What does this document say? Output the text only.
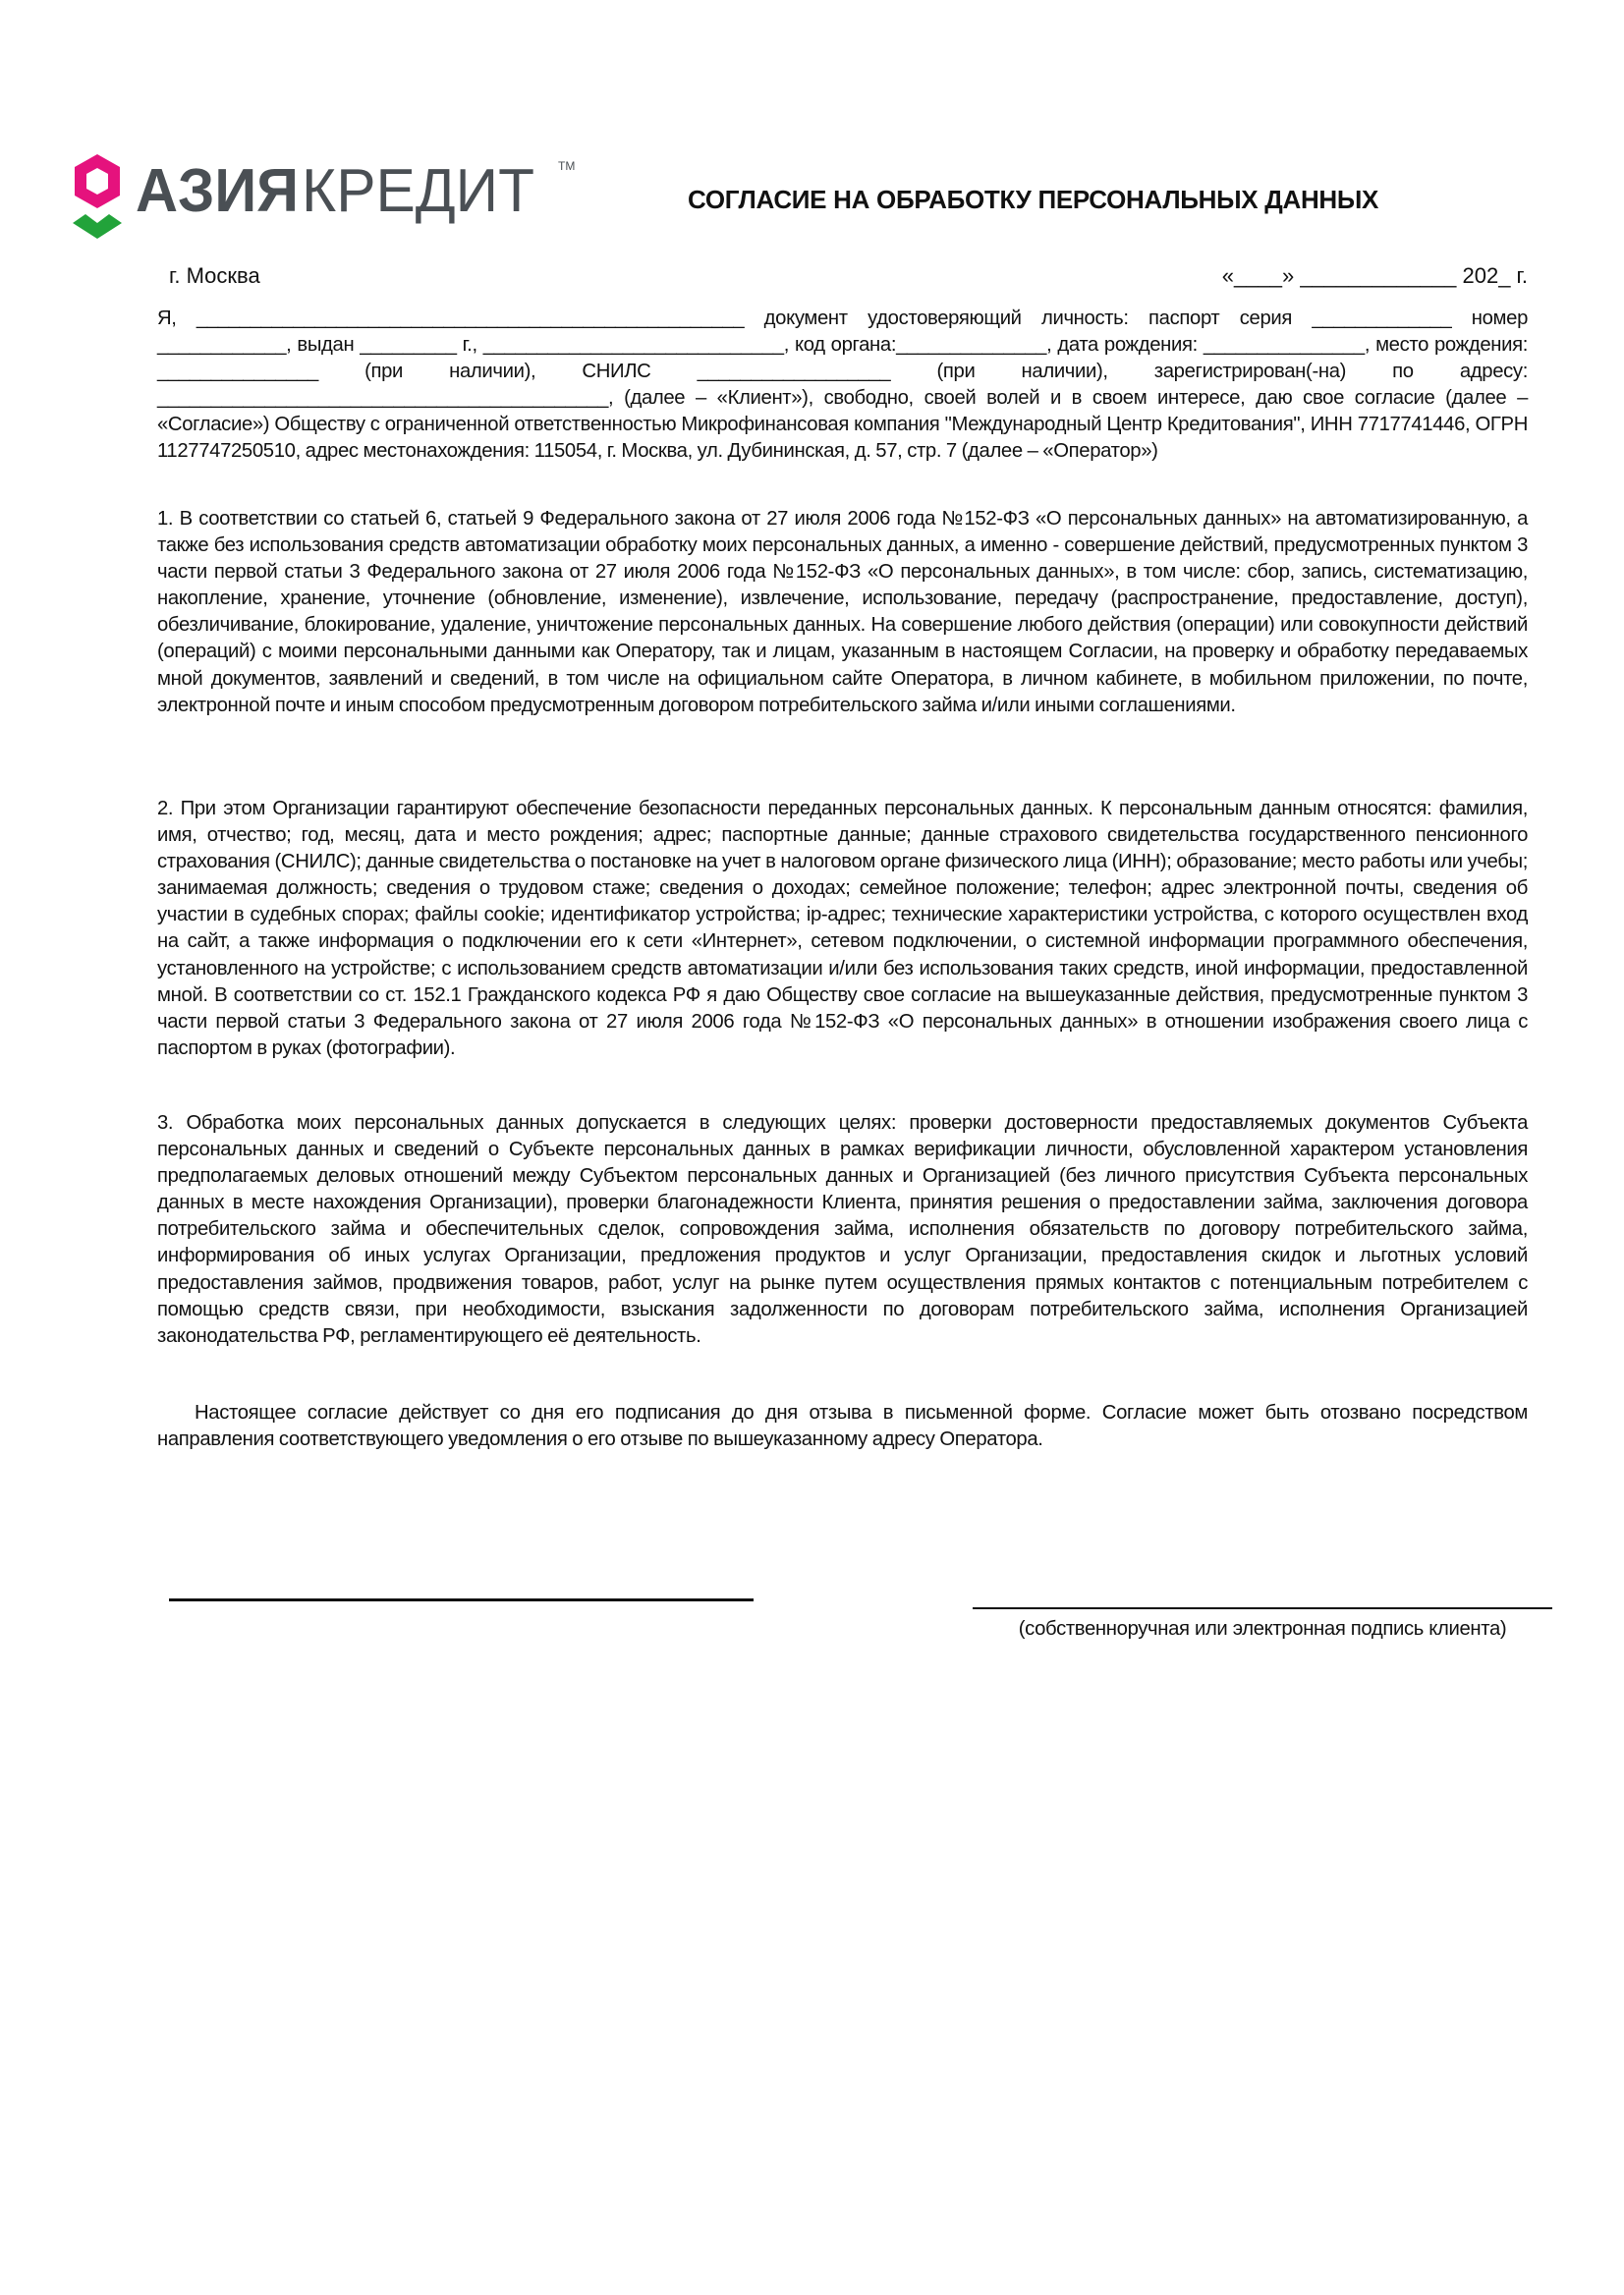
АЗИЯ КРЕДИТ TM
СОГЛАСИЕ НА ОБРАБОТКУ ПЕРСОНАЛЬНЫХ ДАННЫХ
г. Москва	«____» _____________ 202_ г.
Я, ___________________________________________________ документ удостоверяющий личность: паспорт серия _____________ номер ____________, выдан _________ г., ____________________________, код органа:______________, дата рождения: _______________, место рождения: _______________ (при наличии), СНИЛС __________________ (при наличии), зарегистрирован(-на) по адресу: __________________________________________, (далее – «Клиент»), свободно, своей волей и в своем интересе, даю свое согласие (далее – «Согласие») Обществу с ограниченной ответственностью Микрофинансовая компания "Международный Центр Кредитования", ИНН 7717741446, ОГРН 1127747250510, адрес местонахождения: 115054, г. Москва, ул. Дубининская, д. 57, стр. 7 (далее – «Оператор»)
1. В соответствии со статьей 6, статьей 9 Федерального закона от 27 июля 2006 года №152-ФЗ «О персональных данных» на автоматизированную, а также без использования средств автоматизации обработку моих персональных данных, а именно - совершение действий, предусмотренных пунктом 3 части первой статьи 3 Федерального закона от 27 июля 2006 года №152-ФЗ «О персональных данных», в том числе: сбор, запись, систематизацию, накопление, хранение, уточнение (обновление, изменение), извлечение, использование, передачу (распространение, предоставление, доступ), обезличивание, блокирование, удаление, уничтожение персональных данных. На совершение любого действия (операции) или совокупности действий (операций) с моими персональными данными как Оператору, так и лицам, указанным в настоящем Согласии, на проверку и обработку передаваемых мной документов, заявлений и сведений, в том числе на официальном сайте Оператора, в личном кабинете, в мобильном приложении, по почте, электронной почте и иным способом предусмотренным договором потребительского займа и/или иными соглашениями.
2. При этом Организации гарантируют обеспечение безопасности переданных персональных данных. К персональным данным относятся: фамилия, имя, отчество; год, месяц, дата и место рождения; адрес; паспортные данные; данные страхового свидетельства государственного пенсионного страхования (СНИЛС); данные свидетельства о постановке на учет в налоговом органе физического лица (ИНН); образование; место работы или учебы; занимаемая должность; сведения о трудовом стаже; сведения о доходах; семейное положение; телефон; адрес электронной почты, сведения об участии в судебных спорах; файлы cookie; идентификатор устройства; ip-адрес; технические характеристики устройства, с которого осуществлен вход на сайт, а также информация о подключении его к сети «Интернет», сетевом подключении, о системной информации программного обеспечения, установленного на устройстве; с использованием средств автоматизации и/или без использования таких средств, иной информации, предоставленной мной. В соответствии со ст. 152.1 Гражданского кодекса РФ я даю Обществу свое согласие на вышеуказанные действия, предусмотренные пунктом 3 части первой статьи 3 Федерального закона от 27 июля 2006 года №152-ФЗ «О персональных данных» в отношении изображения своего лица с паспортом в руках (фотографии).
3. Обработка моих персональных данных допускается в следующих целях: проверки достоверности предоставляемых документов Субъекта персональных данных и сведений о Субъекте персональных данных в рамках верификации личности, обусловленной характером установления предполагаемых деловых отношений между Субъектом персональных данных и Организацией (без личного присутствия Субъекта персональных данных в месте нахождения Организации), проверки благонадежности Клиента, принятия решения о предоставлении займа, заключения договора потребительского займа и обеспечительных сделок, сопровождения займа, исполнения обязательств по договору потребительского займа, информирования об иных услугах Организации, предложения продуктов и услуг Организации, предоставления скидок и льготных условий предоставления займов, продвижения товаров, работ, услуг на рынке путем осуществления прямых контактов с потенциальным потребителем с помощью средств связи, при необходимости, взыскания задолженности по договорам потребительского займа, исполнения Организацией законодательства РФ, регламентирующего её деятельность.
Настоящее согласие действует со дня его подписания до дня отзыва в письменной форме. Согласие может быть отозвано посредством направления соответствующего уведомления о его отзыве по вышеуказанному адресу Оператора.
(собственноручная или электронная подпись клиента)
